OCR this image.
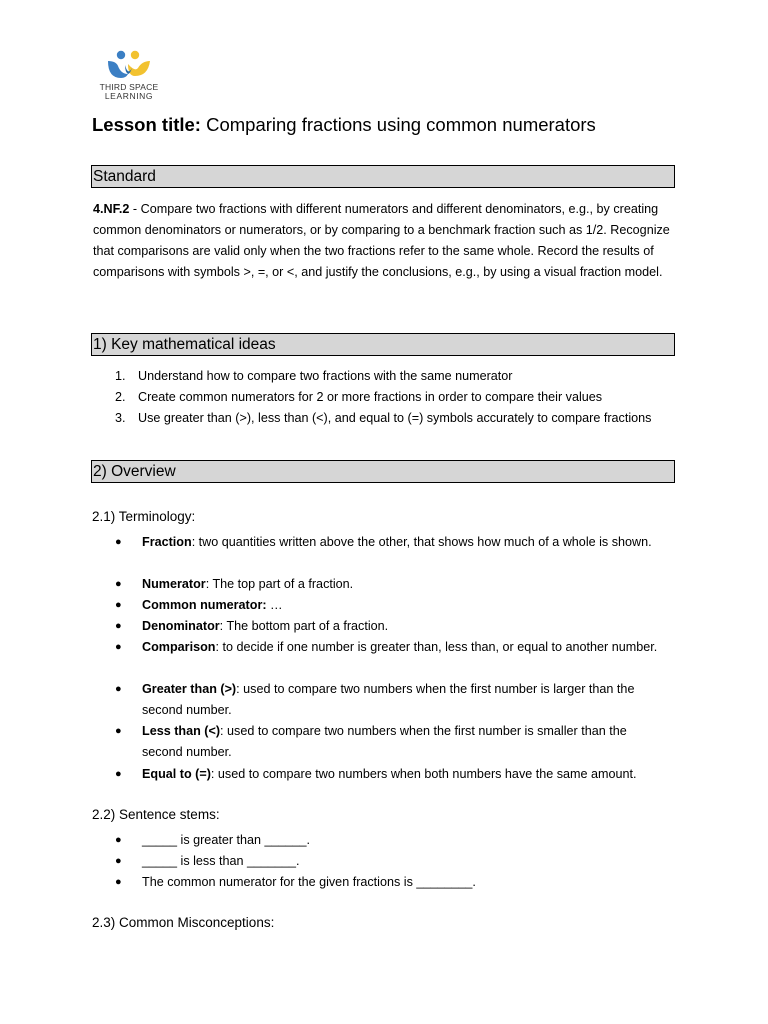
THIRD SPACE
LEARNING
Lesson title: Comparing fractions using common numerators
Standard
4.NF.2 - Compare two fractions with different numerators and different denominators, e.g., by creating common denominators or numerators, or by comparing to a benchmark fraction such as 1/2. Recognize that comparisons are valid only when the two fractions refer to the same whole. Record the results of comparisons with symbols >, =, or <, and justify the conclusions, e.g., by using a visual fraction model.
1) Key mathematical ideas
1. Understand how to compare two fractions with the same numerator
2. Create common numerators for 2 or more fractions in order to compare their values
3. Use greater than (>), less than (<), and equal to (=) symbols accurately to compare fractions
2) Overview
2.1) Terminology:
● Fraction: two quantities written above the other, that shows how much of a whole is shown.
● Numerator: The top part of a fraction.
● Common numerator: …
● Denominator: The bottom part of a fraction.
● Comparison: to decide if one number is greater than, less than, or equal to another number.
● Greater than (>): used to compare two numbers when the first number is larger than the second number.
● Less than (<): used to compare two numbers when the first number is smaller than the second number.
● Equal to (=): used to compare two numbers when both numbers have the same amount.
2.2) Sentence stems:
● _____ is greater than ______.
● _____ is less than _______.
● The common numerator for the given fractions is ________.
2.3) Common Misconceptions:
